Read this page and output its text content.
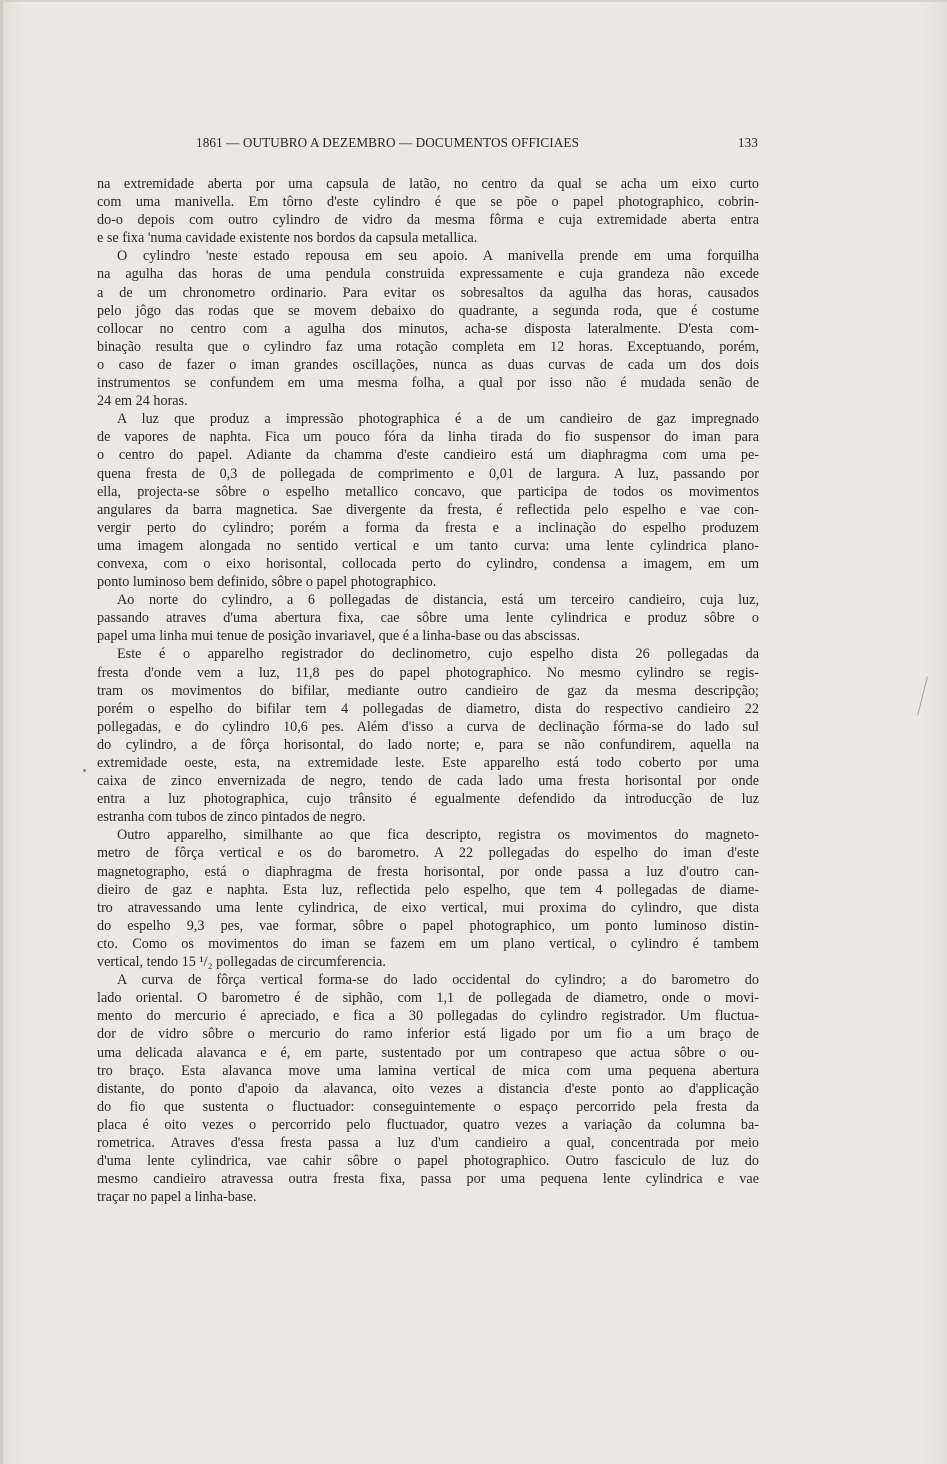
1861 — OUTUBRO A DEZEMBRO — DOCUMENTOS OFFICIAES	133
na extremidade aberta por uma capsula de latão, no centro da qual se acha um eixo curto
com uma manivella. Em tôrno d'este cylindro é que se põe o papel photographico, cobrin-
do-o depois com outro cylindro de vidro da mesma fôrma e cuja extremidade aberta entra
e se fixa 'numa cavidade existente nos bordos da capsula metallica.
O cylindro 'neste estado repousa em seu apoio. A manivella prende em uma forquilha
na agulha das horas de uma pendula construida expressamente e cuja grandeza não excede
a de um chronometro ordinario. Para evitar os sobresaltos da agulha das horas, causados
pelo jôgo das rodas que se movem debaixo do quadrante, a segunda roda, que é costume
collocar no centro com a agulha dos minutos, acha-se disposta lateralmente. D'esta com-
binação resulta que o cylindro faz uma rotação completa em 12 horas. Exceptuando, porém,
o caso de fazer o iman grandes oscillações, nunca as duas curvas de cada um dos dois
instrumentos se confundem em uma mesma folha, a qual por isso não é mudada senão de
24 em 24 horas.
A luz que produz a impressão photographica é a de um candieiro de gaz impregnado
de vapores de naphta. Fica um pouco fóra da linha tirada do fio suspensor do iman para
o centro do papel. Adiante da chamma d'este candieiro está um diaphragma com uma pe-
quena fresta de 0,3 de pollegada de comprimento e 0,01 de largura. A luz, passando por
ella, projecta-se sôbre o espelho metallico concavo, que participa de todos os movimentos
angulares da barra magnetica. Sae divergente da fresta, é reflectida pelo espelho e vae con-
vergir perto do cylindro; porém a forma da fresta e a inclinação do espelho produzem
uma imagem alongada no sentido vertical e um tanto curva: uma lente cylindrica plano-
convexa, com o eixo horisontal, collocada perto do cylindro, condensa a imagem, em um
ponto luminoso bem definido, sôbre o papel photographico.
Ao norte do cylindro, a 6 pollegadas de distancia, está um terceiro candieiro, cuja luz,
passando atraves d'uma abertura fixa, cae sôbre uma lente cylindrica e produz sôbre o
papel uma linha mui tenue de posição invariavel, que é a linha-base ou das abscissas.
Este é o apparelho registrador do declinometro, cujo espelho dista 26 pollegadas da
fresta d'onde vem a luz, 11,8 pes do papel photographico. No mesmo cylindro se regis-
tram os movimentos do bifilar, mediante outro candieiro de gaz da mesma descripção;
porém o espelho do bifilar tem 4 pollegadas de diametro, dista do respectivo candieiro 22
pollegadas, e do cylindro 10,6 pes. Além d'isso a curva de declinação fórma-se do lado sul
do cylindro, a de fôrça horisontal, do lado norte; e, para se não confundirem, aquella na
extremidade oeste, esta, na extremidade leste. Este apparelho está todo coberto por uma
caixa de zinco envernizada de negro, tendo de cada lado uma fresta horisontal por onde
entra a luz photographica, cujo trânsito é egualmente defendido da introducção de luz
estranha com tubos de zinco pintados de negro.
Outro apparelho, similhante ao que fica descripto, registra os movimentos do magneto-
metro de fôrça vertical e os do barometro. A 22 pollegadas do espelho do iman d'este
magnetographo, está o diaphragma de fresta horisontal, por onde passa a luz d'outro can-
dieiro de gaz e naphta. Esta luz, reflectida pelo espelho, que tem 4 pollegadas de diame-
tro atravessando uma lente cylindrica, de eixo vertical, mui proxima do cylindro, que dista
do espelho 9,3 pes, vae formar, sôbre o papel photographico, um ponto luminoso distin-
cto. Como os movimentos do iman se fazem em um plano vertical, o cylindro é tambem
vertical, tendo 15 ¹/₂ pollegadas de circumferencia.
A curva de fôrça vertical forma-se do lado occidental do cylindro; a do barometro do
lado oriental. O barometro é de siphão, com 1,1 de pollegada de diametro, onde o movi-
mento do mercurio é apreciado, e fica a 30 pollegadas do cylindro registrador. Um fluctua-
dor de vidro sôbre o mercurio do ramo inferior está ligado por um fio a um braço de
uma delicada alavanca e é, em parte, sustentado por um contrapeso que actua sôbre o ou-
tro braço. Esta alavanca move uma lamina vertical de mica com uma pequena abertura
distante, do ponto d'apoio da alavanca, oito vezes a distancia d'este ponto ao d'applicação
do fio que sustenta o fluctuador: conseguintemente o espaço percorrido pela fresta da
placa é oito vezes o percorrido pelo fluctuador, quatro vezes a variação da columna ba-
rometrica. Atraves d'essa fresta passa a luz d'um candieiro a qual, concentrada por meio
d'uma lente cylindrica, vae cahir sôbre o papel photographico. Outro fasciculo de luz do
mesmo candieiro atravessa outra fresta fixa, passa por uma pequena lente cylindrica e vae
traçar no papel a linha-base.
